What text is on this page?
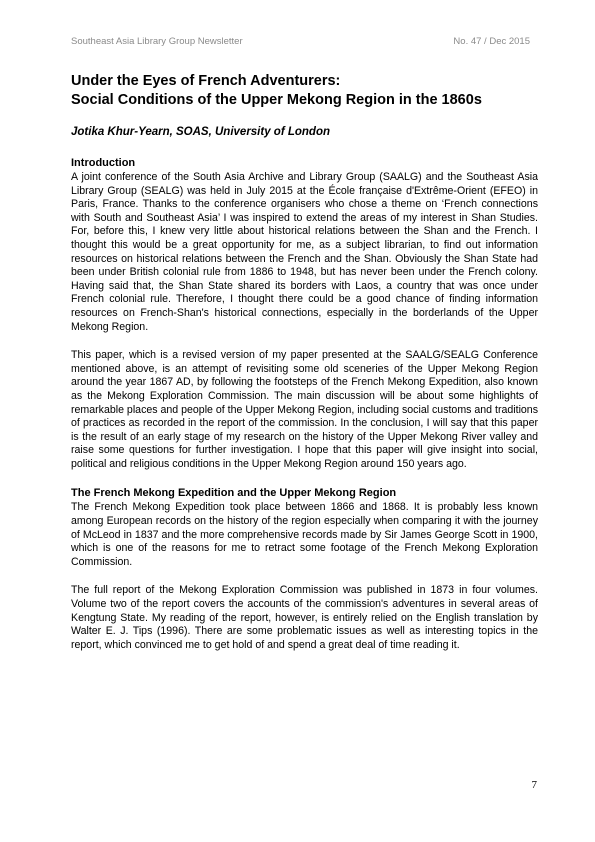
Southeast Asia Library Group Newsletter	No. 47 / Dec 2015
Under the Eyes of French Adventurers:
Social Conditions of the Upper Mekong Region in the 1860s
Jotika Khur-Yearn, SOAS, University of London
Introduction

A joint conference of the South Asia Archive and Library Group (SAALG) and the Southeast Asia Library Group (SEALG) was held in July 2015 at the École française d'Extrême-Orient (EFEO) in Paris, France. Thanks to the conference organisers who chose a theme on ‘French connections with South and Southeast Asia’ I was inspired to extend the areas of my interest in Shan Studies. For, before this, I knew very little about historical relations between the Shan and the French. I thought this would be a great opportunity for me, as a subject librarian, to find out information resources on historical relations between the French and the Shan. Obviously the Shan State had been under British colonial rule from 1886 to 1948, but has never been under the French colony. Having said that, the Shan State shared its borders with Laos, a country that was once under French colonial rule. Therefore, I thought there could be a good chance of finding information resources on French-Shan's historical connections, especially in the borderlands of the Upper Mekong Region.

This paper, which is a revised version of my paper presented at the SAALG/SEALG Conference mentioned above, is an attempt of revisiting some old sceneries of the Upper Mekong Region around the year 1867 AD, by following the footsteps of the French Mekong Expedition, also known as the Mekong Exploration Commission. The main discussion will be about some highlights of remarkable places and people of the Upper Mekong Region, including social customs and traditions of practices as recorded in the report of the commission. In the conclusion, I will say that this paper is the result of an early stage of my research on the history of the Upper Mekong River valley and raise some questions for further investigation. I hope that this paper will give insight into social, political and religious conditions in the Upper Mekong Region around 150 years ago.

The French Mekong Expedition and the Upper Mekong Region

The French Mekong Expedition took place between 1866 and 1868. It is probably less known among European records on the history of the region especially when comparing it with the journey of McLeod in 1837 and the more comprehensive records made by Sir James George Scott in 1900, which is one of the reasons for me to retract some footage of the French Mekong Exploration Commission.

The full report of the Mekong Exploration Commission was published in 1873 in four volumes. Volume two of the report covers the accounts of the commission's adventures in several areas of Kengtung State. My reading of the report, however, is entirely relied on the English translation by Walter E. J. Tips (1996). There are some problematic issues as well as interesting topics in the report, which convinced me to get hold of and spend a great deal of time reading it.

7
